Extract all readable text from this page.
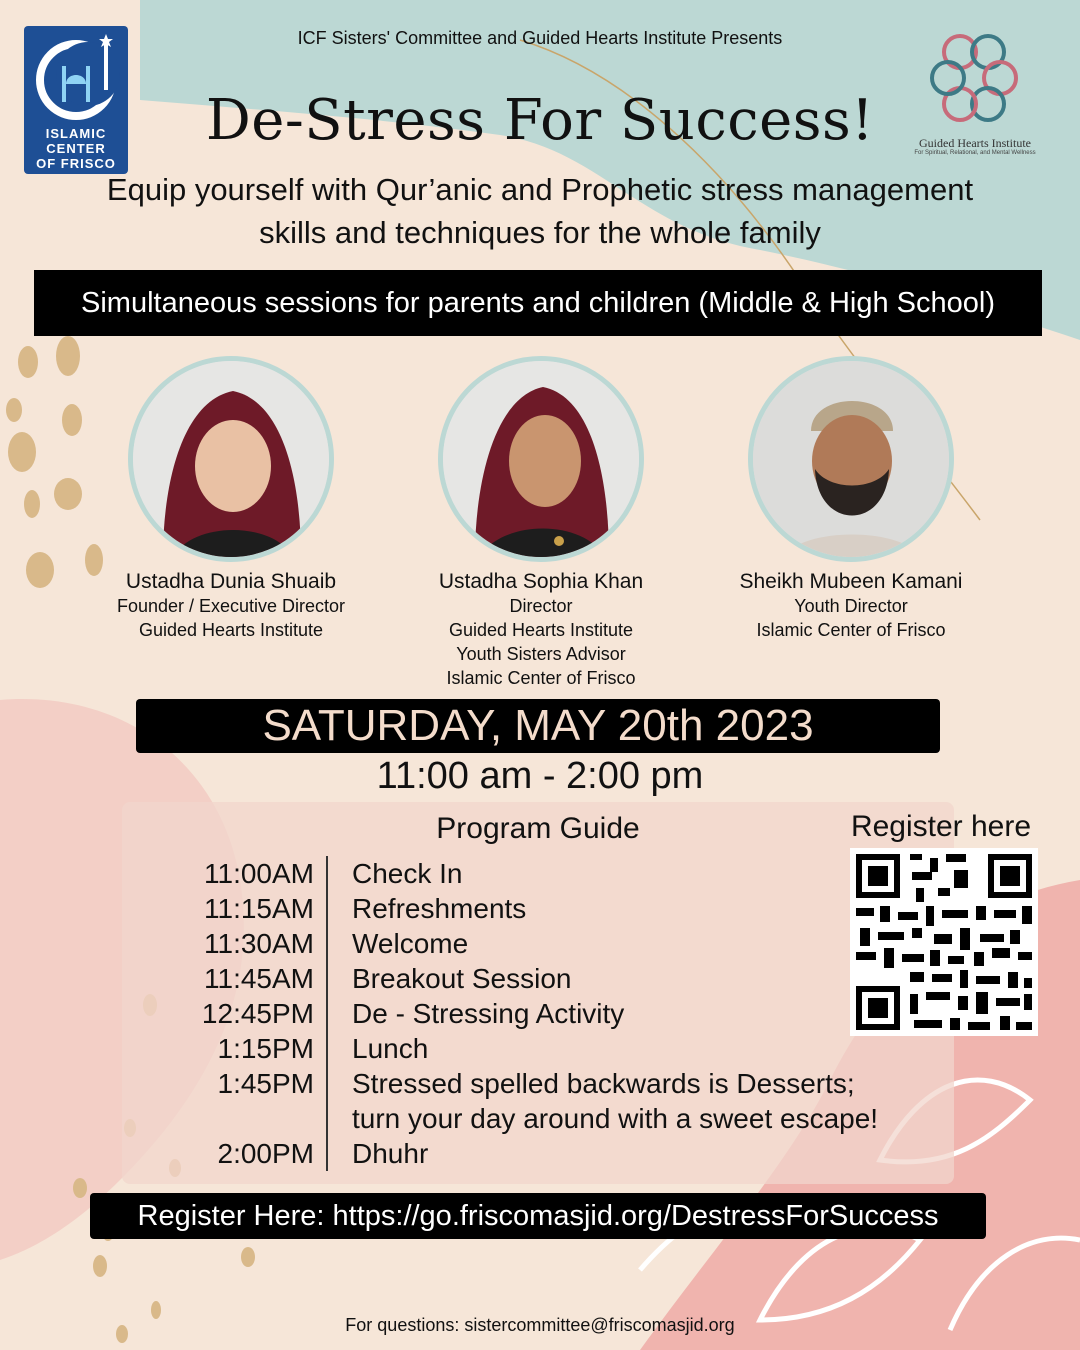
ISLAMIC
CENTER
OF FRISCO
Guided Hearts Institute
For Spiritual, Relational, and Mental Wellness
ICF Sisters' Committee and Guided Hearts Institute Presents
De-Stress For Success!
Equip yourself with Qur’anic and Prophetic stress management skills and techniques for the whole family
Simultaneous sessions for parents and children (Middle & High School)
Ustadha Dunia Shuaib
Founder / Executive Director
Guided Hearts Institute
Ustadha Sophia Khan
Director
Guided Hearts Institute
Youth Sisters Advisor
Islamic Center of Frisco
Sheikh Mubeen Kamani
Youth Director
Islamic Center of Frisco
SATURDAY, MAY 20th 2023
11:00 am - 2:00 pm
Program Guide
11:00AM	Check In
11:15AM	Refreshments
11:30AM	Welcome
11:45AM	Breakout Session
12:45PM	De - Stressing Activity
1:15PM	Lunch
1:45PM	Stressed spelled backwards is Desserts;
turn your day around with a sweet escape!
2:00PM	Dhuhr
Register here
Register Here: https://go.friscomasjid.org/DestressForSuccess
For questions: sistercommittee@friscomasjid.org
